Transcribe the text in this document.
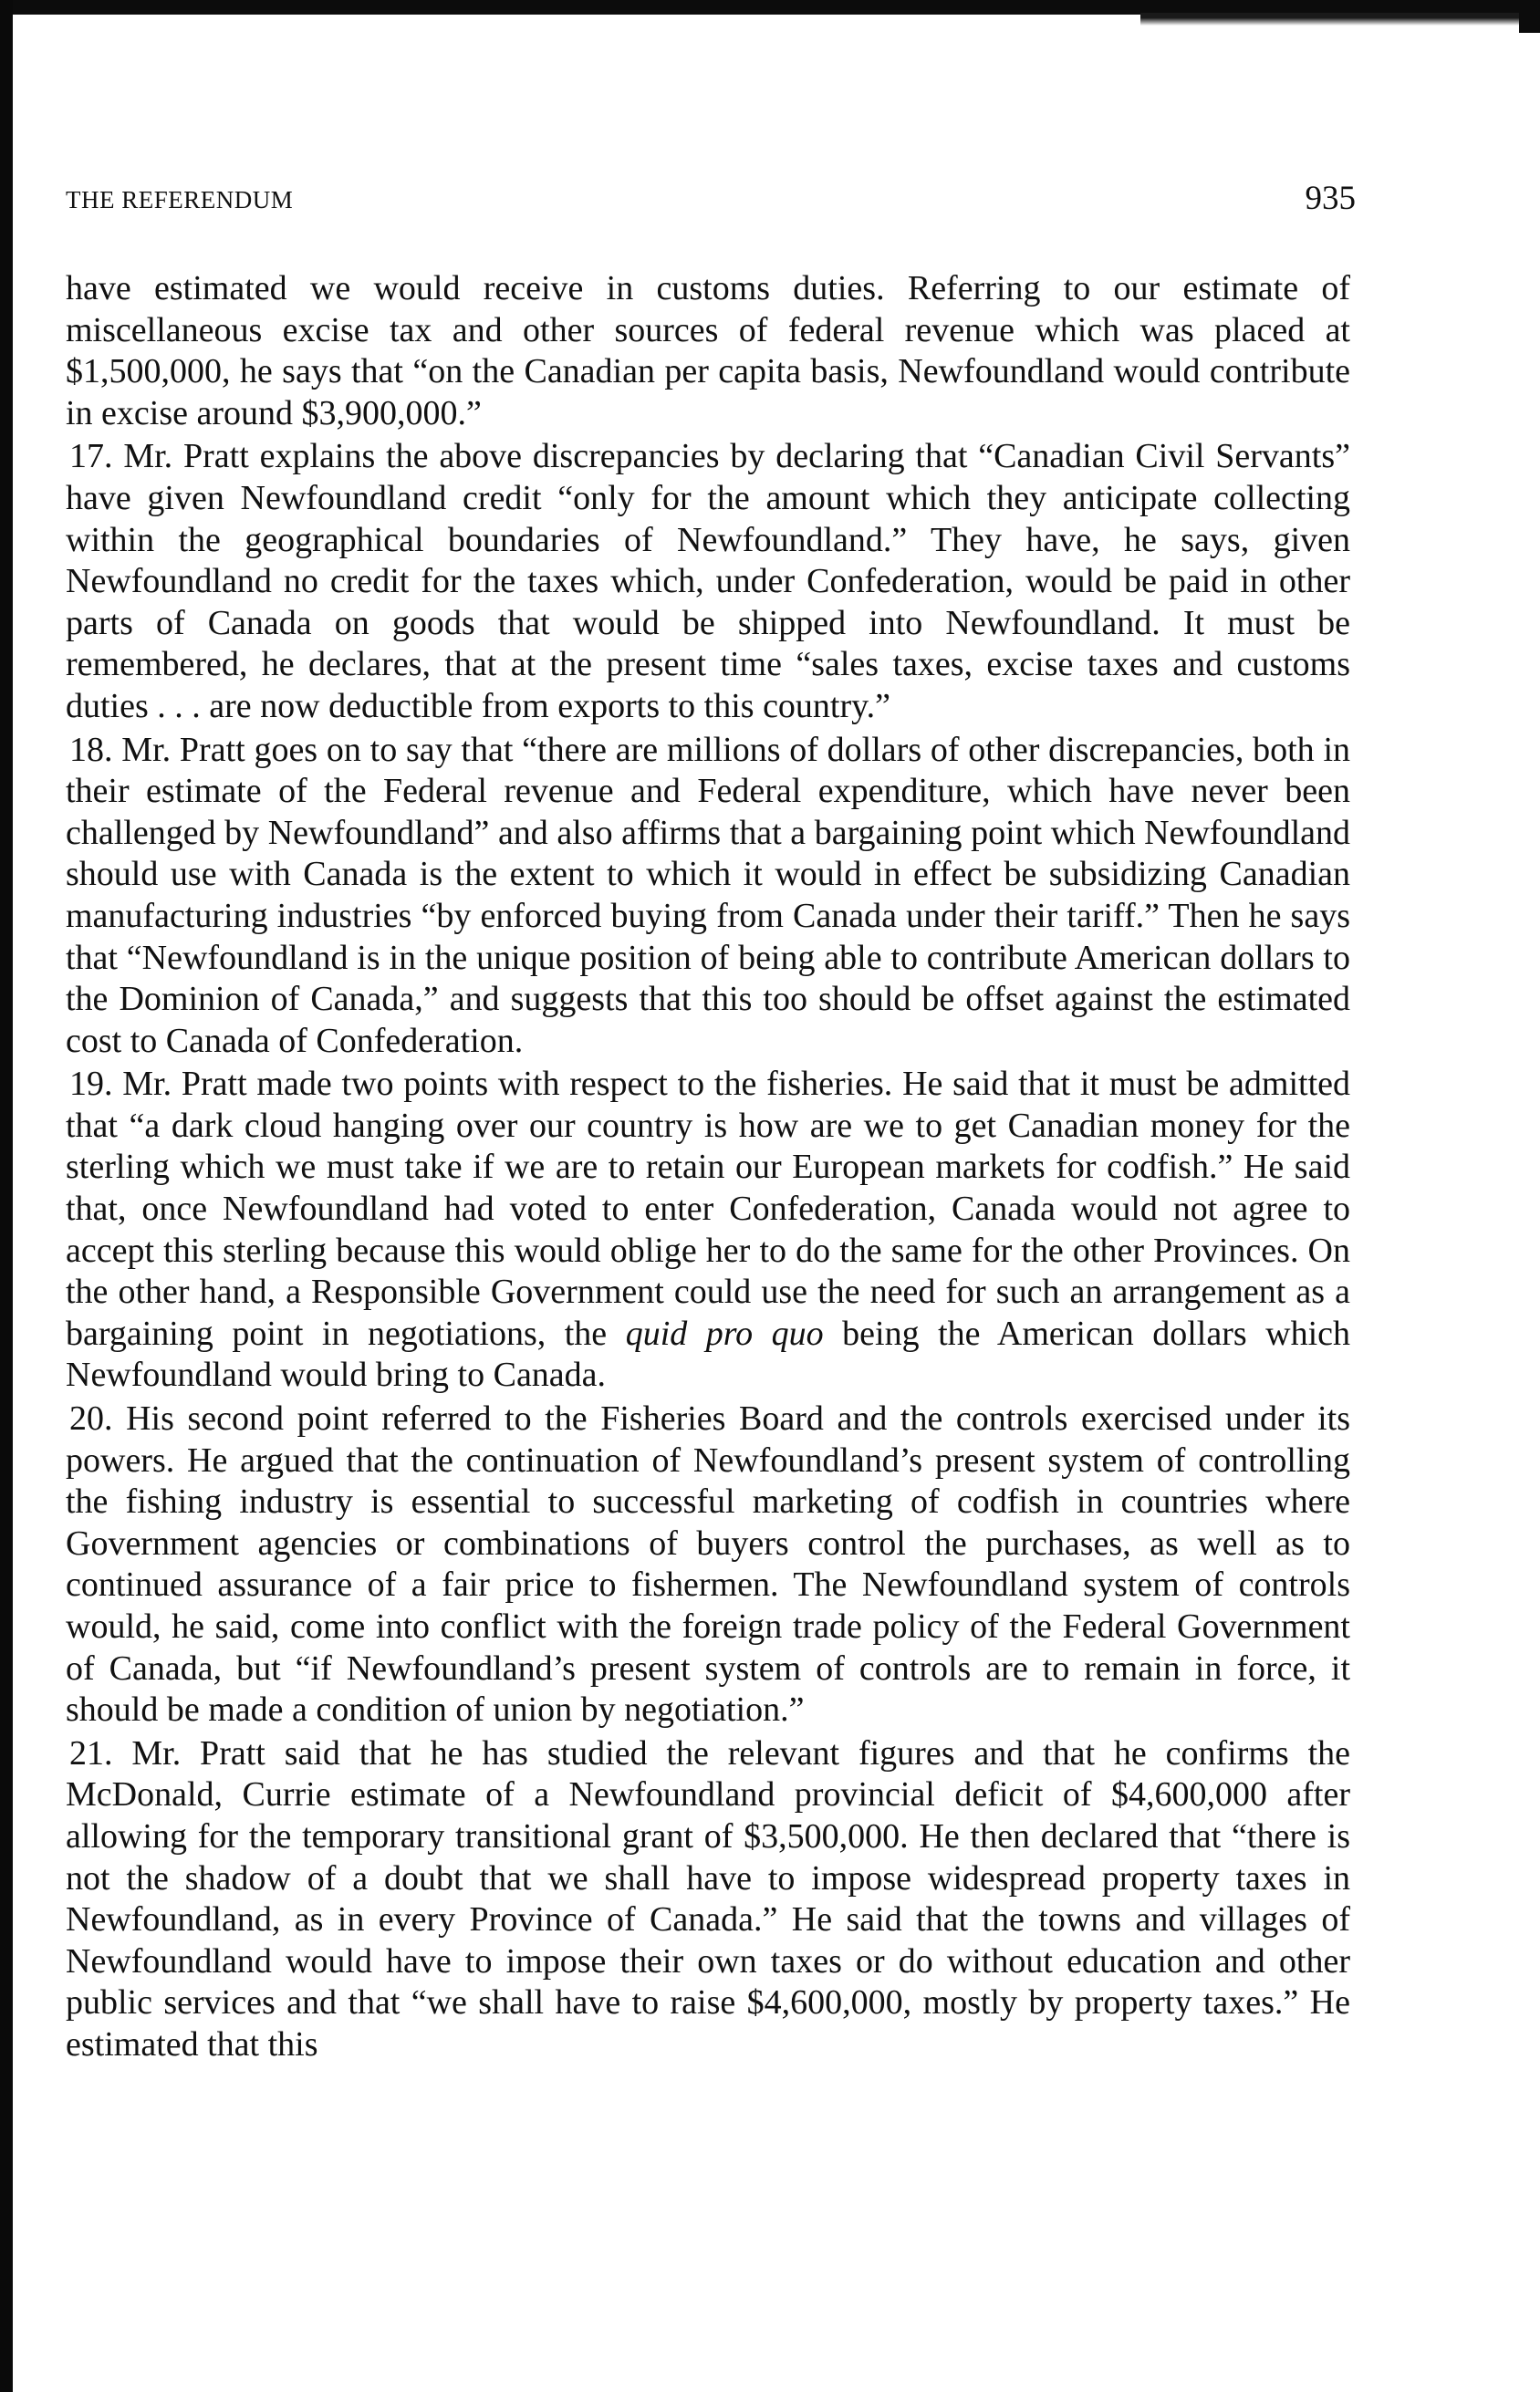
THE REFERENDUM	935

have estimated we would receive in customs duties. Referring to our estimate of miscellaneous excise tax and other sources of federal revenue which was placed at $1,500,000, he says that “on the Canadian per capita basis, Newfoundland would contribute in excise around $3,900,000.”

17. Mr. Pratt explains the above discrepancies by declaring that “Canadian Civil Servants” have given Newfoundland credit “only for the amount which they anticipate collecting within the geographical boundaries of Newfoundland.” They have, he says, given Newfoundland no credit for the taxes which, under Confederation, would be paid in other parts of Canada on goods that would be shipped into Newfoundland. It must be remembered, he declares, that at the present time “sales taxes, excise taxes and customs duties . . . are now deductible from exports to this country.”

18. Mr. Pratt goes on to say that “there are millions of dollars of other discrepancies, both in their estimate of the Federal revenue and Federal expenditure, which have never been challenged by Newfoundland” and also affirms that a bargaining point which Newfoundland should use with Canada is the extent to which it would in effect be subsidizing Canadian manufacturing industries “by enforced buying from Canada under their tariff.” Then he says that “Newfoundland is in the unique position of being able to contribute American dollars to the Dominion of Canada,” and suggests that this too should be offset against the estimated cost to Canada of Confederation.

19. Mr. Pratt made two points with respect to the fisheries. He said that it must be admitted that “a dark cloud hanging over our country is how are we to get Canadian money for the sterling which we must take if we are to retain our European markets for codfish.” He said that, once Newfoundland had voted to enter Confederation, Canada would not agree to accept this sterling because this would oblige her to do the same for the other Provinces. On the other hand, a Responsible Government could use the need for such an arrangement as a bargaining point in negotiations, the quid pro quo being the American dollars which Newfoundland would bring to Canada.

20. His second point referred to the Fisheries Board and the controls exercised under its powers. He argued that the continuation of Newfoundland’s present system of controlling the fishing industry is essential to successful marketing of codfish in countries where Government agencies or combinations of buyers control the purchases, as well as to continued assurance of a fair price to fishermen. The Newfoundland system of controls would, he said, come into conflict with the foreign trade policy of the Federal Government of Canada, but “if Newfoundland’s present system of controls are to remain in force, it should be made a condition of union by negotiation.”

21. Mr. Pratt said that he has studied the relevant figures and that he confirms the McDonald, Currie estimate of a Newfoundland provincial deficit of $4,600,000 after allowing for the temporary transitional grant of $3,500,000. He then declared that “there is not the shadow of a doubt that we shall have to impose widespread property taxes in Newfoundland, as in every Province of Canada.” He said that the towns and villages of Newfoundland would have to impose their own taxes or do without education and other public services and that “we shall have to raise $4,600,000, mostly by property taxes.” He estimated that this
